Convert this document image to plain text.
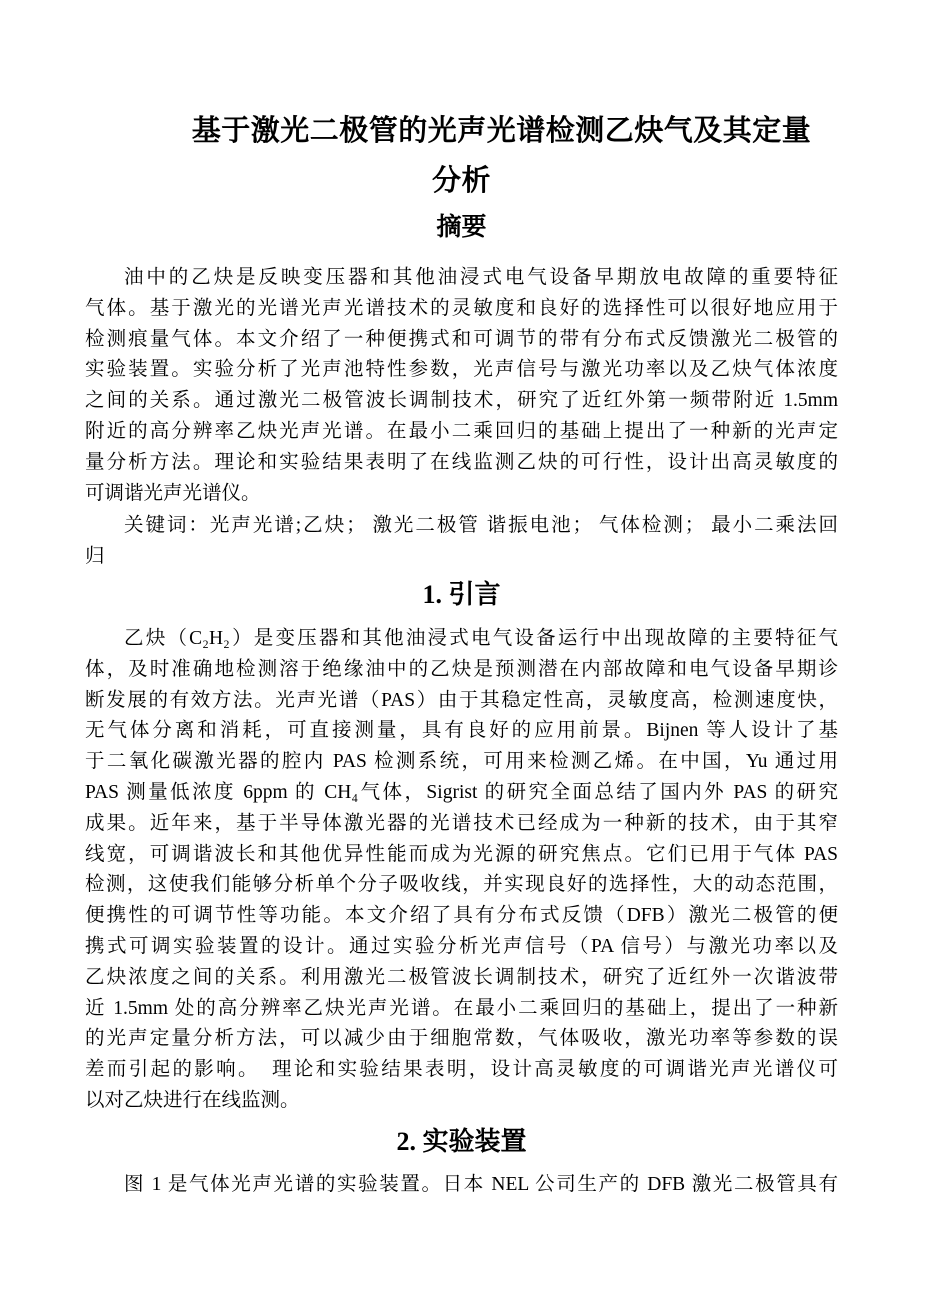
基于激光二极管的光声光谱检测乙炔气及其定量
分析
摘要
油中的乙炔是反映变压器和其他油浸式电气设备早期放电故障的重要特征
气体。基于激光的光谱光声光谱技术的灵敏度和良好的选择性可以很好地应用于
检测痕量气体。本文介绍了一种便携式和可调节的带有分布式反馈激光二极管的
实验装置。实验分析了光声池特性参数，光声信号与激光功率以及乙炔气体浓度
之间的关系。通过激光二极管波长调制技术，研究了近红外第一频带附近 1.5mm
附近的高分辨率乙炔光声光谱。在最小二乘回归的基础上提出了一种新的光声定
量分析方法。理论和实验结果表明了在线监测乙炔的可行性，设计出高灵敏度的
可调谐光声光谱仪。
关键词：光声光谱;乙炔； 激光二极管 谐振电池； 气体检测； 最小二乘法回
归
1. 引言
乙炔（C₂H₂）是变压器和其他油浸式电气设备运行中出现故障的主要特征气
体，及时准确地检测溶于绝缘油中的乙炔是预测潜在内部故障和电气设备早期诊
断发展的有效方法。光声光谱（PAS）由于其稳定性高，灵敏度高，检测速度快，
无气体分离和消耗，可直接测量，具有良好的应用前景。Bijnen 等人设计了基
于二氧化碳激光器的腔内 PAS 检测系统，可用来检测乙烯。在中国，Yu 通过用
PAS 测量低浓度 6ppm 的 CH₄气体，Sigrist 的研究全面总结了国内外 PAS 的研究
成果。近年来，基于半导体激光器的光谱技术已经成为一种新的技术，由于其窄
线宽，可调谐波长和其他优异性能而成为光源的研究焦点。它们已用于气体 PAS
检测，这使我们能够分析单个分子吸收线，并实现良好的选择性，大的动态范围，
便携性的可调节性等功能。本文介绍了具有分布式反馈（DFB）激光二极管的便
携式可调实验装置的设计。通过实验分析光声信号（PA 信号）与激光功率以及
乙炔浓度之间的关系。利用激光二极管波长调制技术，研究了近红外一次谐波带
近 1.5mm 处的高分辨率乙炔光声光谱。在最小二乘回归的基础上，提出了一种新
的光声定量分析方法，可以减少由于细胞常数，气体吸收，激光功率等参数的误
差而引起的影响。　理论和实验结果表明，设计高灵敏度的可调谐光声光谱仪可
以对乙炔进行在线监测。
2. 实验装置
图 1 是气体光声光谱的实验装置。日本 NEL 公司生产的 DFB 激光二极管具有
